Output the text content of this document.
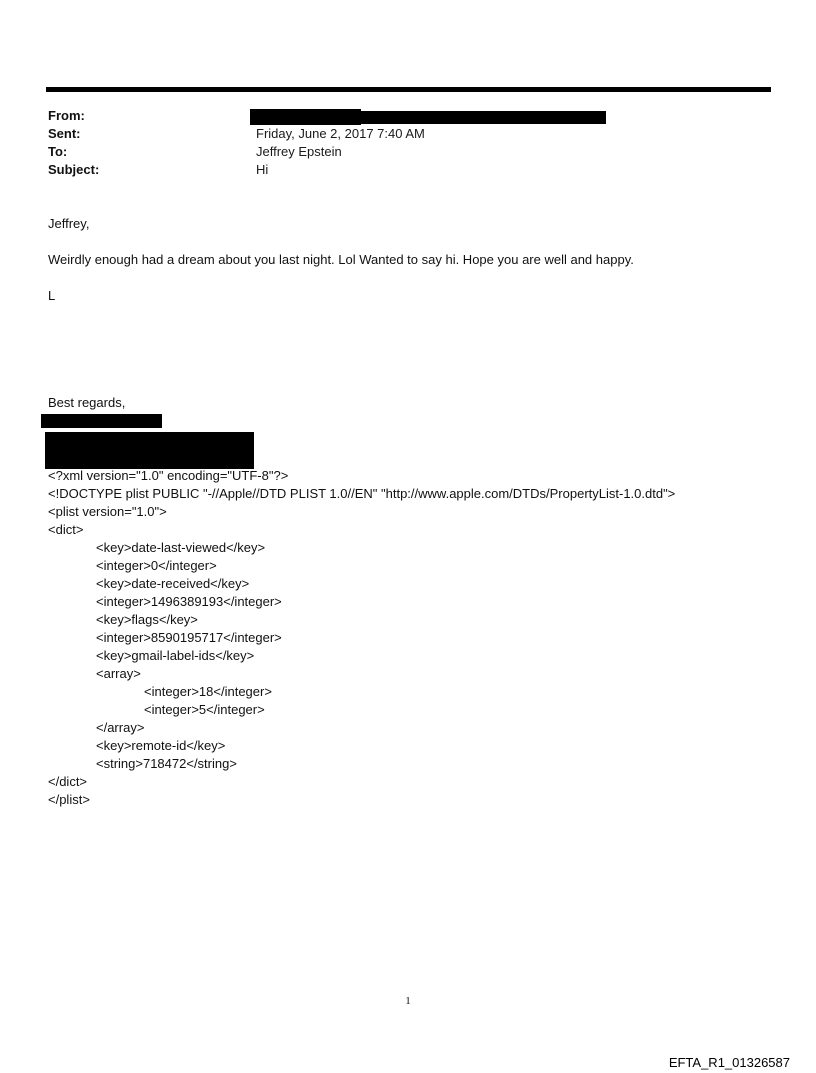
From:
Sent:	Friday, June 2, 2017 7:40 AM
To:	Jeffrey Epstein
Subject:	Hi
Jeffrey,
Weirdly enough had a dream about you last night. Lol Wanted to say hi. Hope you are well and happy.
L
Best regards,
<?xml version="1.0" encoding="UTF-8"?>
<!DOCTYPE plist PUBLIC "-//Apple//DTD PLIST 1.0//EN" "http://www.apple.com/DTDs/PropertyList-1.0.dtd">
<plist version="1.0">
<dict>
<key>date-last-viewed</key>
<integer>0</integer>
<key>date-received</key>
<integer>1496389193</integer>
<key>flags</key>
<integer>8590195717</integer>
<key>gmail-label-ids</key>
<array>
<integer>18</integer>
<integer>5</integer>
</array>
<key>remote-id</key>
<string>718472</string>
</dict>
</plist>
1
EFTA_R1_01326587
